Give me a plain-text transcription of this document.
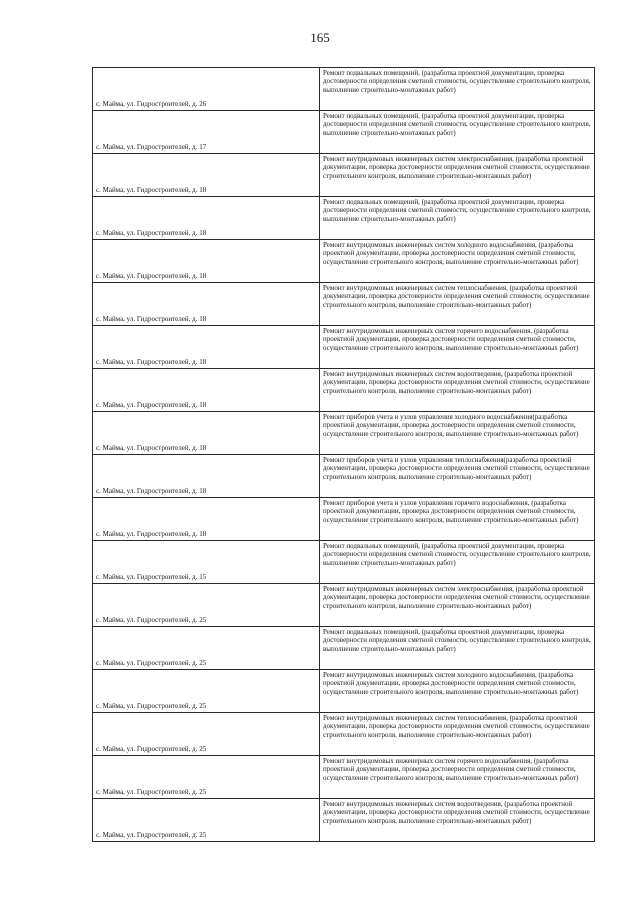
165
с. Майма, ул. Гидростроителей, д. 26	Ремонт подвальных помещений, (разработка проектной документации, проверка достоверности определения сметной стоимости, осуществление строительного контроля, выполнение строительно-монтажных работ)
с. Майма, ул. Гидростроителей, д. 17	Ремонт подвальных помещений, (разработка проектной документации, проверка достоверности определения сметной стоимости, осуществление строительного контроля, выполнение строительно-монтажных работ)
с. Майма, ул. Гидростроителей, д. 18	Ремонт внутридомовых инженерных систем электроснабжения, (разработка проектной документации, проверка достоверности определения сметной стоимости, осуществление строительного контроля, выполнение строительно-монтажных работ)
с. Майма, ул. Гидростроителей, д. 18	Ремонт подвальных помещений, (разработка проектной документации, проверка достоверности определения сметной стоимости, осуществление строительного контроля, выполнение строительно-монтажных работ)
с. Майма, ул. Гидростроителей, д. 18	Ремонт внутридомовых инженерных систем холодного водоснабжения, (разработка проектной документации, проверка достоверности определения сметной стоимости, осуществление строительного контроля, выполнение строительно-монтажных работ)
с. Майма, ул. Гидростроителей, д. 18	Ремонт внутридомовых инженерных систем теплоснабжения, (разработка проектной документации, проверка достоверности определения сметной стоимости, осуществление строительного контроля, выполнение строительно-монтажных работ)
с. Майма, ул. Гидростроителей, д. 18	Ремонт внутридомовых инженерных систем горячего водоснабжения, (разработка проектной документации, проверка достоверности определения сметной стоимости, осуществление строительного контроля, выполнение строительно-монтажных работ)
с. Майма, ул. Гидростроителей, д. 18	Ремонт внутридомовых инженерных систем водоотведения, (разработка проектной документации, проверка достоверности определения сметной стоимости, осуществление строительного контроля, выполнение строительно-монтажных работ)
с. Майма, ул. Гидростроителей, д. 18	Ремонт приборов учета и узлов управления холодного водоснабжения(разработка проектной документации, проверка достоверности определения сметной стоимости, осуществление строительного контроля, выполнение строительно-монтажных работ)
с. Майма, ул. Гидростроителей, д. 18	Ремонт приборов учета и узлов управления теплоснабжения(разработка проектной документации, проверка достоверности определения сметной стоимости, осуществление строительного контроля, выполнение строительно-монтажных работ)
с. Майма, ул. Гидростроителей, д. 18	Ремонт приборов учета и узлов управления горячего водоснабжения, (разработка проектной документации, проверка достоверности определения сметной стоимости, осуществление строительного контроля, выполнение строительно-монтажных работ)
с. Майма, ул. Гидростроителей, д. 15	Ремонт подвальных помещений, (разработка проектной документации, проверка достоверности определения сметной стоимости, осуществление строительного контроля, выполнение строительно-монтажных работ)
с. Майма, ул. Гидростроителей, д. 25	Ремонт внутридомовых инженерных систем электроснабжения, (разработка проектной документации, проверка достоверности определения сметной стоимости, осуществление строительного контроля, выполнение строительно-монтажных работ)
с. Майма, ул. Гидростроителей, д. 25	Ремонт подвальных помещений, (разработка проектной документации, проверка достоверности определения сметной стоимости, осуществление строительного контроля, выполнение строительно-монтажных работ)
с. Майма, ул. Гидростроителей, д. 25	Ремонт внутридомовых инженерных систем холодного водоснабжения, (разработка проектной документации, проверка достоверности определения сметной стоимости, осуществление строительного контроля, выполнение строительно-монтажных работ)
с. Майма, ул. Гидростроителей, д. 25	Ремонт внутридомовых инженерных систем теплоснабжения, (разработка проектной документации, проверка достоверности определения сметной стоимости, осуществление строительного контроля, выполнение строительно-монтажных работ)
с. Майма, ул. Гидростроителей, д. 25	Ремонт внутридомовых инженерных систем горячего водоснабжения, (разработка проектной документации, проверка достоверности определения сметной стоимости, осуществление строительного контроля, выполнение строительно-монтажных работ)
с. Майма, ул. Гидростроителей, д. 25	Ремонт внутридомовых инженерных систем водоотведения, (разработка проектной документации, проверка достоверности определения сметной стоимости, осуществление строительного контроля, выполнение строительно-монтажных работ)
